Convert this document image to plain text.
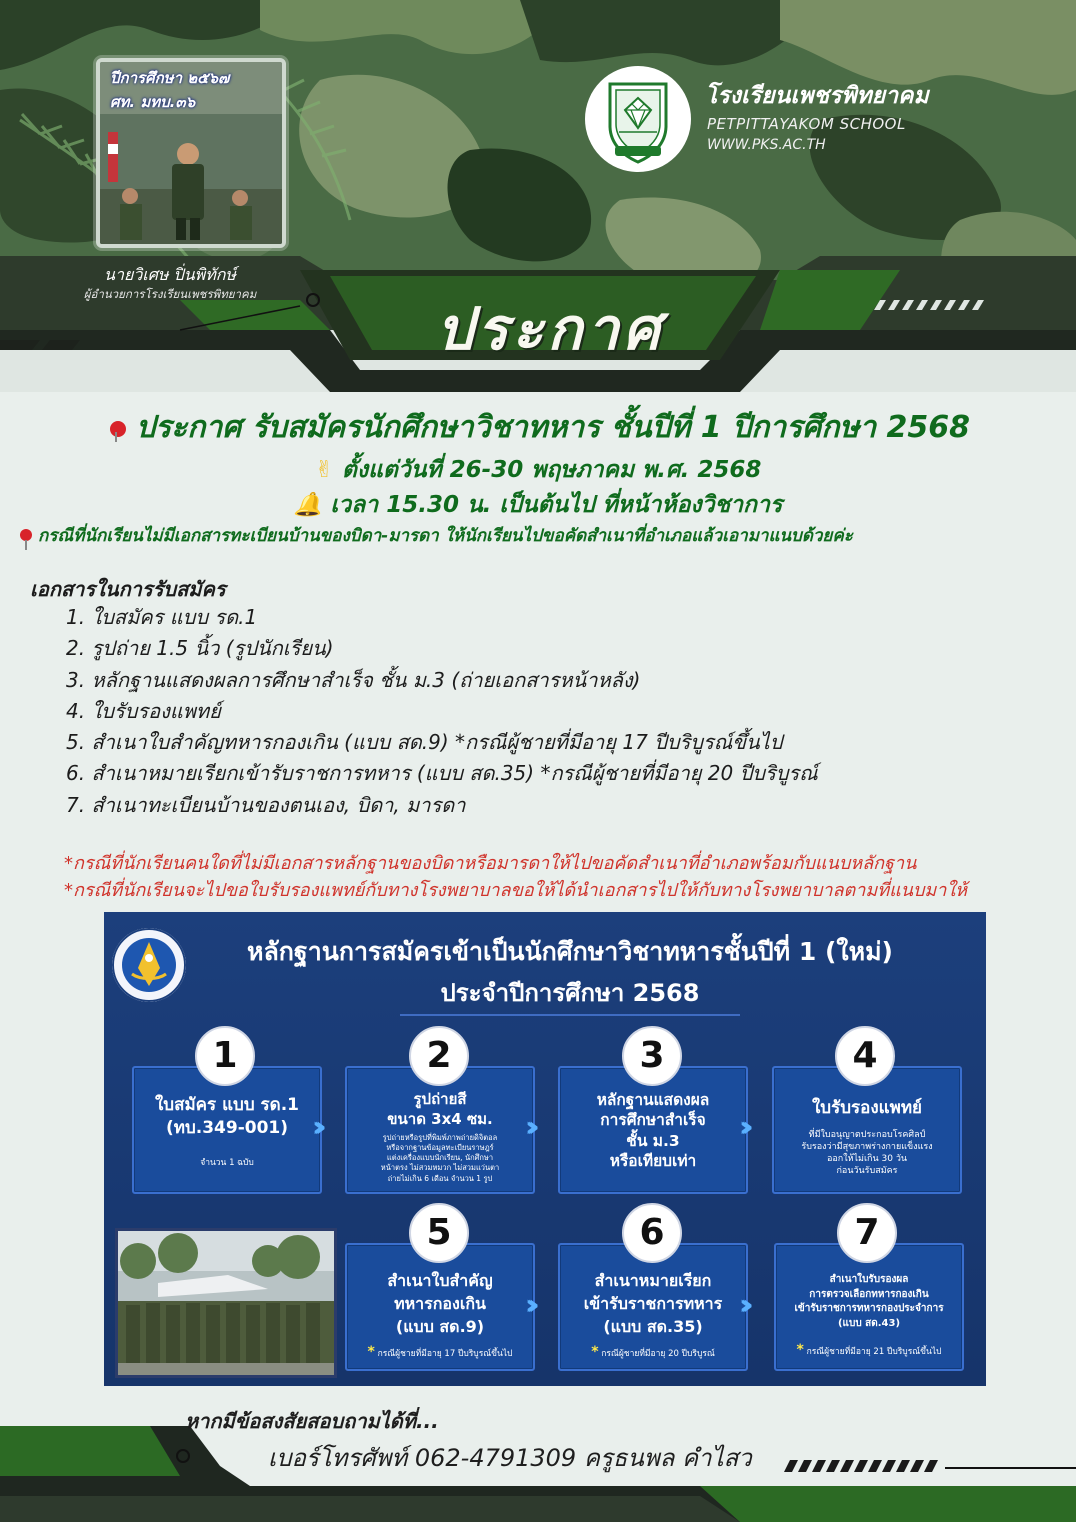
ปีการศึกษา ๒๕๖๗
ศท. มทบ.๓๖
นายวิเศษ ปิ่นพิทักษ์
ผู้อำนวยการโรงเรียนเพชรพิทยาคม
โรงเรียนเพชรพิทยาคม
PETPITTAYAKOM SCHOOL
WWW.PKS.AC.TH
ประกาศ
ประกาศ รับสมัครนักศึกษาวิชาทหาร ชั้นปีที่ 1 ปีการศึกษา 2568
✌ ตั้งแต่วันที่ 26-30 พฤษภาคม พ.ศ. 2568
🔔 เวลา 15.30 น. เป็นต้นไป ที่หน้าห้องวิชาการ
กรณีที่นักเรียนไม่มีเอกสารทะเบียนบ้านของบิดา-มารดา ให้นักเรียนไปขอคัดสำเนาที่อำเภอแล้วเอามาแนบด้วยค่ะ
เอกสารในการรับสมัคร
1. ใบสมัคร แบบ รด.1
2. รูปถ่าย 1.5 นิ้ว (รูปนักเรียน)
3. หลักฐานแสดงผลการศึกษาสำเร็จ ชั้น ม.3 (ถ่ายเอกสารหน้าหลัง)
4. ใบรับรองแพทย์
5. สำเนาใบสำคัญทหารกองเกิน (แบบ สด.9) *กรณีผู้ชายที่มีอายุ 17 ปีบริบูรณ์ขึ้นไป
6. สำเนาหมายเรียกเข้ารับราชการทหาร (แบบ สด.35) *กรณีผู้ชายที่มีอายุ 20 ปีบริบูรณ์
7. สำเนาทะเบียนบ้านของตนเอง, บิดา, มารดา
*กรณีที่นักเรียนคนใดที่ไม่มีเอกสารหลักฐานของบิดาหรือมารดาให้ไปขอคัดสำเนาที่อำเภอพร้อมกับแนบหลักฐาน
*กรณีที่นักเรียนจะไปขอใบรับรองแพทย์กับทางโรงพยาบาลขอให้ได้นำเอกสารไปให้กับทางโรงพยาบาลตามที่แนบมาให้
หลักฐานการสมัครเข้าเป็นนักศึกษาวิชาทหารชั้นปีที่ 1 (ใหม่)
ประจำปีการศึกษา 2568
ใบสมัคร แบบ รด.1
(ทบ.349-001)
จำนวน 1 ฉบับ
1
›››
รูปถ่ายสี
ขนาด 3x4 ซม.
รูปถ่ายหรือรูปที่พิมพ์ภาพถ่ายดิจิตอล
หรือจากฐานข้อมูลทะเบียนราษฎร์
แต่งเครื่องแบบนักเรียน, นักศึกษา
หน้าตรง ไม่สวมหมวก ไม่สวมแว่นตา
ถ่ายไม่เกิน 6 เดือน จำนวน 1 รูป
2
›››
หลักฐานแสดงผล
การศึกษาสำเร็จ
ชั้น ม.3
หรือเทียบเท่า
3
›››
ใบรับรองแพทย์
ที่มีใบอนุญาตประกอบโรคศิลป์
รับรองว่ามีสุขภาพร่างกายแข็งแรง
ออกให้ไม่เกิน 30 วัน
ก่อนวันรับสมัคร
4
สำเนาใบสำคัญ
ทหารกองเกิน
(แบบ สด.9)
* กรณีผู้ชายที่มีอายุ 17 ปีบริบูรณ์ขึ้นไป
5
›››
สำเนาหมายเรียก
เข้ารับราชการทหาร
(แบบ สด.35)
* กรณีผู้ชายที่มีอายุ 20 ปีบริบูรณ์
6
›››
สำเนาใบรับรองผล
การตรวจเลือกทหารกองเกิน
เข้ารับราชการทหารกองประจำการ
(แบบ สด.43)
* กรณีผู้ชายที่มีอายุ 21 ปีบริบูรณ์ขึ้นไป
7
หากมีข้อสงสัยสอบถามได้ที่...
เบอร์โทรศัพท์ 062-4791309 ครูธนพล คำไสว
